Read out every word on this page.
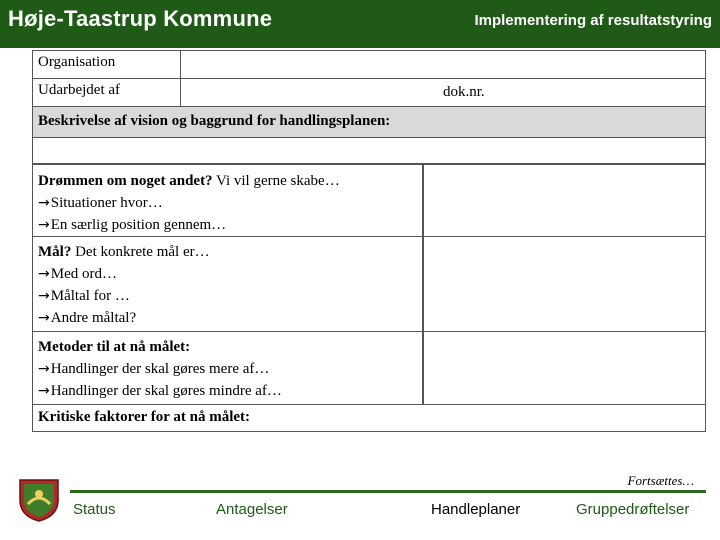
Høje-Taastrup Kommune	Implementering af resultatstyring
Organisation
Udarbejdet af	dok.nr.
Beskrivelse af vision og baggrund for handlingsplanen:
Drømmen om noget andet? Vi vil gerne skabe…
→Situationer hvor…
→En særlig position gennem…
Mål? Det konkrete mål er…
→Med ord…
→Måltal for …
→Andre måltal?
Metoder til at nå målet:
→Handlinger der skal gøres mere af…
→Handlinger der skal gøres mindre af…
Kritiske faktorer for at nå målet:
Fortsættes…
Status	Antagelser	Handleplaner	Gruppedrøftelser
